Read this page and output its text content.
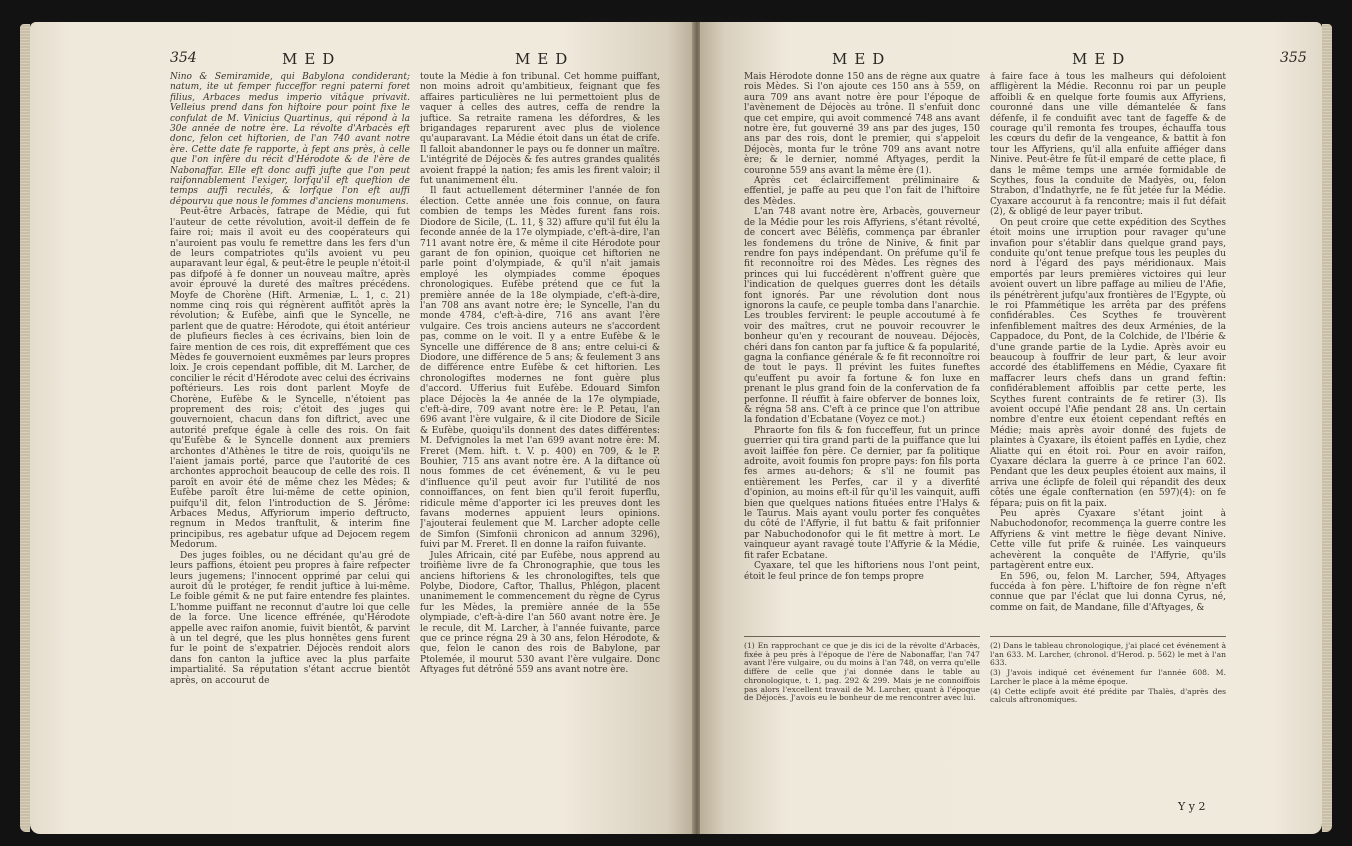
354	MED	MED

Nino & Semiramide, qui Babylona condiderant; natum, ite ut femper fucceffor regni paterni foret filius, Arbaces medus imperio vitâque privavit. Velleius prend dans fon hiftoire pour point fixe le confulat de M. Vinicius Quartinus, qui répond à la 30e année de notre ère. La révolte d'Arbacès eft donc, felon cet hiftorien, de l'an 740 avant notre ère. Cette date fe rapporte, à fept ans près, à celle que l'on infère du récit d'Hérodote & de l'ère de Nabonaffar. Elle eft donc auffi jufte que l'on peut raifonnablement l'exiger, lorfqu'il eft queftion de temps auffi reculés, & lorfque l'on eft auffi dépourvu que nous le fommes d'anciens monumens.

Peut-être Arbacès, fatrape de Médie, qui fut l'auteur de cette révolution, avoit-il deffein de fe faire roi; mais il avoit eu des coopérateurs qui n'auroient pas voulu fe remettre dans les fers d'un de leurs compatriotes qu'ils avoient vu peu auparavant leur égal, & peut-être le peuple n'étoit-il pas difpofé à fe donner un nouveau maître, après avoir éprouvé la dureté des maîtres précédens. Moyfe de Chorène (Hift. Armeniæ, L. 1, c. 21) nomme cinq rois qui régnèrent auffitôt après la révolution; & Eufèbe, ainfi que le Syncelle, ne parlent que de quatre: Hérodote, qui étoit antérieur de plufieurs fiecles à ces écrivains, bien loin de faire mention de ces rois, dit expreffément que ces Mèdes fe gouvernoient euxmêmes par leurs propres loix. Je crois cependant poffible, dit M. Larcher, de concilier le récit d'Hérodote avec celui des écrivains poftérieurs. Les rois dont parlent Moyfe de Chorène, Eufèbe & le Syncelle, n'étoient pas proprement des rois; c'étoit des juges qui gouvernoient, chacun dans fon diftrict, avec une autorité prefque égale à celle des rois. On fait qu'Eufèbe & le Syncelle donnent aux premiers archontes d'Athènes le titre de rois, quoiqu'ils ne l'aient jamais porté, parce que l'autorité de ces archontes approchoit beaucoup de celle des rois. Il paroît en avoir été de même chez les Mèdes; & Eufèbe paroît être lui-même de cette opinion, puifqu'il dit, felon l'introduction de S. Jérôme: Arbaces Medus, Affyriorum imperio deftructo, regnum in Medos tranftulit, & interim fine principibus, res agebatur ufque ad Dejocem regem Medorum.

Des juges foibles, ou ne décidant qu'au gré de leurs paffions, étoient peu propres à faire refpecter leurs jugemens; l'innocent opprimé par celui qui auroit dû le protéger, fe rendit juftice à lui-même. Le foible gémit & ne put faire entendre fes plaintes. L'homme puiffant ne reconnut d'autre loi que celle de la force. Une licence effrénée, qu'Hérodote appelle avec raifon anomie, fuivit bientôt, & parvint à un tel degré, que les plus honnêtes gens furent fur le point de s'expatrier. Déjocès rendoit alors dans fon canton la juftice avec la plus parfaite impartialité. Sa réputation s'étant accrue bientôt après, on accourut de

toute la Médie à fon tribunal. Cet homme puiffant, non moins adroit qu'ambitieux, feignant que fes affaires particulières ne lui permettoient plus de vaquer à celles des autres, ceffa de rendre la juftice. Sa retraite ramena les défordres, & les brigandages reparurent avec plus de violence qu'auparavant. La Médie étoit dans un état de crife. Il falloit abandonner le pays ou fe donner un maître. L'intégrité de Déjocès & fes autres grandes qualités avoient frappé la nation; fes amis les firent valoir; il fut unanimement élu.

Il faut actuellement déterminer l'année de fon élection. Cette année une fois connue, on faura combien de temps les Mèdes furent fans rois. Diodore de Sicile, (L. 11, § 32) affure qu'il fut élu la feconde année de la 17e olympiade, c'eft-à-dire, l'an 711 avant notre ère, & même il cite Hérodote pour garant de fon opinion, quoique cet hiftorien ne parle point d'olympiade, & qu'il n'ait jamais employé les olympiades comme époques chronologiques. Eufèbe prétend que ce fut la première année de la 18e olympiade, c'eft-à-dire, l'an 708 ans avant notre ère; le Syncelle, l'an du monde 4784, c'eft-à-dire, 716 ans avant l'ère vulgaire. Ces trois anciens auteurs ne s'accordent pas, comme on le voit. Il y a entre Eufèbe & le Syncelle une différence de 8 ans; entre celui-ci & Diodore, une différence de 5 ans; & feulement 3 ans de différence entre Eufèbe & cet hiftorien. Les chronologiftes modernes ne font guère plus d'accord. Ufferius fuit Eufèbe. Edouard Simfon place Déjocès la 4e année de la 17e olympiade, c'eft-à-dire, 709 avant notre ère: le P. Petau, l'an 696 avant l'ère vulgaire, & il cite Diodore de Sicile & Eufèbe, quoiqu'ils donnent des dates différentes: M. Defvignoles la met l'an 699 avant notre ère: M. Freret (Mem. hift. t. V. p. 400) en 709, & le P. Bouhier, 715 ans avant notre ère. A la diftance où nous fommes de cet événement, & vu le peu d'influence qu'il peut avoir fur l'utilité de nos connoiffances, on fent bien qu'il feroit fuperflu, ridicule même d'apporter ici les preuves dont les favans modernes appuient leurs opinions. J'ajouterai feulement que M. Larcher adopte celle de Simfon (Simfonii chronicon ad annum 3296), fuivi par M. Freret. Il en donne la raifon fuivante.

Jules Africain, cité par Eufèbe, nous apprend au troifième livre de fa Chronographie, que tous les anciens hiftoriens & les chronologiftes, tels que Polybe, Diodore, Caftor, Thallus, Phlégon, placent unanimement le commencement du règne de Cyrus fur les Mèdes, la première année de la 55e olympiade, c'eft-à-dire l'an 560 avant notre ère. Je le recule, dit M. Larcher, à l'année fuivante, parce que ce prince régna 29 à 30 ans, felon Hérodote, & que, felon le canon des rois de Babylone, par Ptolemée, il mourut 530 avant l'ère vulgaire. Donc Aftyages fut détrôné 559 ans avant notre ère.

MED	MED	355

Mais Hérodote donne 150 ans de règne aux quatre rois Mèdes. Si l'on ajoute ces 150 ans à 559, on aura 709 ans avant notre ère pour l'époque de l'avènement de Déjocès au trône. Il s'enfuit donc que cet empire, qui avoit commencé 748 ans avant notre ère, fut gouverné 39 ans par des juges, 150 ans par des rois, dont le premier, qui s'appeloit Déjocès, monta fur le trône 709 ans avant notre ère; & le dernier, nommé Aftyages, perdit la couronne 559 ans avant la même ère (1).

Après cet éclairciffement préliminaire & effentiel, je paffe au peu que l'on fait de l'hiftoire des Mèdes.

L'an 748 avant notre ère, Arbacès, gouverneur de la Médie pour les rois Affyriens, s'étant révolté, de concert avec Bélèfis, commença par ébranler les fondemens du trône de Ninive, & finit par rendre fon pays indépendant. On préfume qu'il fe fit reconnoître roi des Mèdes. Les règnes des princes qui lui fuccédèrent n'offrent guère que l'indication de quelques guerres dont les détails font ignorés. Par une révolution dont nous ignorons la caufe, ce peuple tomba dans l'anarchie. Les troubles fervirent: le peuple accoutumé à fe voir des maîtres, crut ne pouvoir recouvrer le bonheur qu'en y recourant de nouveau. Déjocès, chéri dans fon canton par fa juftice & fa popularité, gagna la confiance générale & fe fit reconnoître roi de tout le pays. Il prévint les fuites funeftes qu'euffent pu avoir fa fortune & fon luxe en prenant le plus grand foin de la confervation de fa perfonne. Il réuffit à faire obferver de bonnes loix, & régna 58 ans. C'eft à ce prince que l'on attribue la fondation d'Ecbatane (Voyez ce mot.)

Phraorte fon fils & fon fucceffeur, fut un prince guerrier qui tira grand parti de la puiffance que lui avoit laiffée fon père. Ce dernier, par fa politique adroite, avoit foumis fon propre pays: fon fils porta fes armes au-dehors; & s'il ne foumit pas entièrement les Perfes, car il y a diverfité d'opinion, au moins eft-il fûr qu'il les vainquit, auffi bien que quelques nations fituées entre l'Halys & le Taurus. Mais ayant voulu porter fes conquêtes du côté de l'Affyrie, il fut battu & fait prifonnier par Nabuchodonofor qui le fit mettre à mort. Le vainqueur ayant ravagé toute l'Affyrie & la Médie, fit rafer Ecbatane.

Cyaxare, tel que les hiftoriens nous l'ont peint, étoit le feul prince de fon temps propre

(1) En rapprochant ce que je dis ici de la révolte d'Arbacès, fixée à peu près à l'époque de l'ère de Nabonaffar, l'an 747 avant l'ère vulgaire, ou du moins à l'an 748, on verra qu'elle diffère de celle que j'ai donnée dans le table au chronologique, t. 1, pag. 292 & 299. Mais je ne connoiffois pas alors l'excellent travail de M. Larcher, quant à l'époque de Déjocès. J'avois eu le bonheur de me rencontrer avec lui.

à faire face à tous les malheurs qui défoloient affligèrent la Médie. Reconnu roi par un peuple affoibli & en quelque forte foumis aux Affyriens, couronné dans une ville démantelée & fans défenfe, il fe conduifit avec tant de fageffe & de courage qu'il remonta fes troupes, échauffa tous les cœurs du defir de la vengeance, & battit à fon tour les Affyriens, qu'il alla enfuite affiéger dans Ninive. Peut-être fe fût-il emparé de cette place, fi dans le même temps une armée formidable de Scythes, fous la conduite de Madyès, ou, felon Strabon, d'Indathyrfe, ne fe fût jetée fur la Médie. Cyaxare accourut à fa rencontre; mais il fut défait (2), & obligé de leur payer tribut.

On peut croire que cette expédition des Scythes étoit moins une irruption pour ravager qu'une invafion pour s'établir dans quelque grand pays, conduite qu'ont tenue prefque tous les peuples du nord à l'égard des pays méridionaux. Mais emportés par leurs premières victoires qui leur avoient ouvert un libre paffage au milieu de l'Afie, ils pénétrèrent jufqu'aux frontières de l'Egypte, où le roi Pfammétique les arrêta par des préfens confidérables. Ces Scythes fe trouvèrent infenfiblement maîtres des deux Arménies, de la Cappadoce, du Pont, de la Colchide, de l'Ibérie & d'une grande partie de la Lydie. Après avoir eu beaucoup à fouffrir de leur part, & leur avoir accordé des établiffemens en Médie, Cyaxare fit maffacrer leurs chefs dans un grand feftin: confidérablement affoiblis par cette perte, les Scythes furent contraints de fe retirer (3). Ils avoient occupé l'Afie pendant 28 ans. Un certain nombre d'entre eux étoient cependant reftés en Médie; mais après avoir donné des fujets de plaintes à Cyaxare, ils étoient paffés en Lydie, chez Aliatte qui en étoit roi. Pour en avoir raifon, Cyaxare déclara la guerre à ce prince l'an 602. Pendant que les deux peuples étoient aux mains, il arriva une éclipfe de foleil qui répandit des deux côtés une égale confternation (en 597)(4): on fe fépara; puis on fit la paix.

Peu après Cyaxare s'étant joint à Nabuchodonofor, recommença la guerre contre les Affyriens & vint mettre le fiège devant Ninive. Cette ville fut prife & ruinée. Les vainqueurs achevèrent la conquête de l'Affyrie, qu'ils partagèrent entre eux.

En 596, ou, felon M. Larcher, 594, Aftyages fuccéda à fon père. L'hiftoire de fon règne n'eft connue que par l'éclat que lui donna Cyrus, né, comme on fait, de Mandane, fille d'Aftyages, &

(2) Dans le tableau chronologique, j'ai placé cet événement à l'an 633. M. Larcher, (chronol. d'Herod. p. 562) le met à l'an 633.

(3) J'avois indiqué cet événement fur l'année 608. M. Larcher le place à la même époque.

(4) Cette eclipfe avoit été prédite par Thalès, d'après des calculs aftronomiques.

Y y 2
